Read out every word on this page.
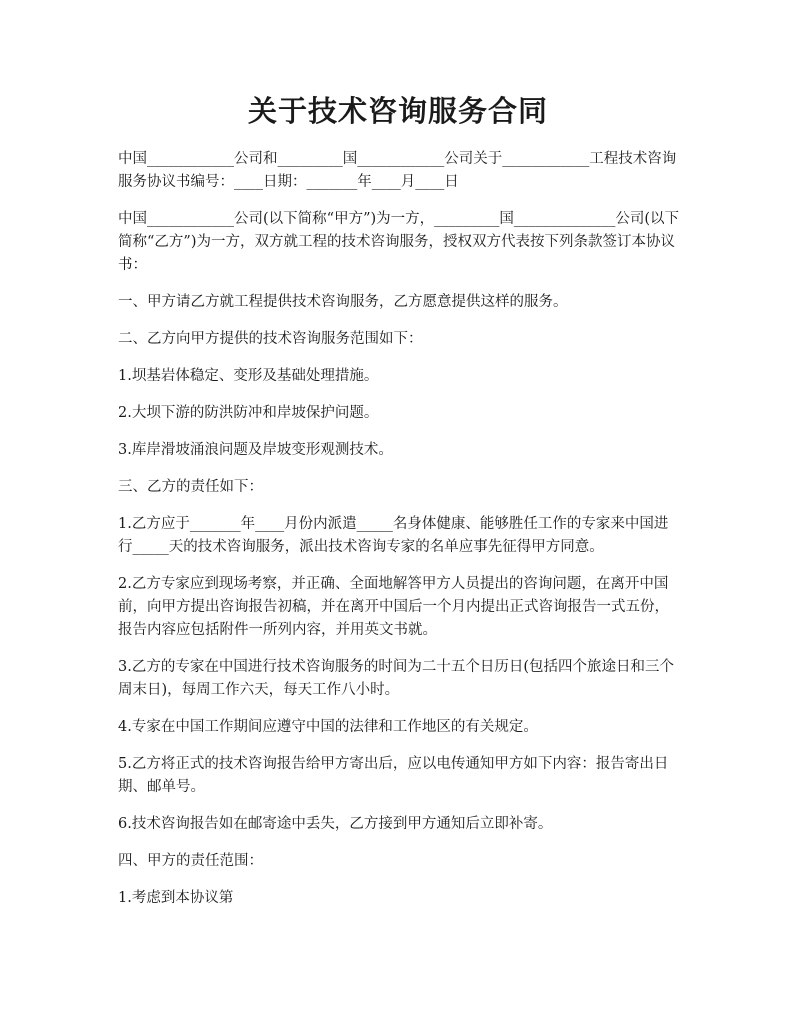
关于技术咨询服务合同

中国____________公司和_________国____________公司关于____________工程技术咨询服务协议书编号：____日期：_______年____月____日

中国____________公司(以下简称“甲方”)为一方，_________国______________公司(以下简称“乙方”)为一方，双方就工程的技术咨询服务，授权双方代表按下列条款签订本协议书：

一、甲方请乙方就工程提供技术咨询服务，乙方愿意提供这样的服务。

二、乙方向甲方提供的技术咨询服务范围如下：

1.坝基岩体稳定、变形及基础处理措施。

2.大坝下游的防洪防冲和岸坡保护问题。

3.库岸滑坡涌浪问题及岸坡变形观测技术。

三、乙方的责任如下：

1.乙方应于_______年____月份内派遣_____名身体健康、能够胜任工作的专家来中国进行_____天的技术咨询服务，派出技术咨询专家的名单应事先征得甲方同意。

2.乙方专家应到现场考察，并正确、全面地解答甲方人员提出的咨询问题，在离开中国前，向甲方提出咨询报告初稿，并在离开中国后一个月内提出正式咨询报告一式五份，报告内容应包括附件一所列内容，并用英文书就。

3.乙方的专家在中国进行技术咨询服务的时间为二十五个日历日(包括四个旅途日和三个周末日)，每周工作六天，每天工作八小时。

4.专家在中国工作期间应遵守中国的法律和工作地区的有关规定。

5.乙方将正式的技术咨询报告给甲方寄出后，应以电传通知甲方如下内容：报告寄出日期、邮单号。

6.技术咨询报告如在邮寄途中丢失，乙方接到甲方通知后立即补寄。

四、甲方的责任范围：

1.考虑到本协议第
